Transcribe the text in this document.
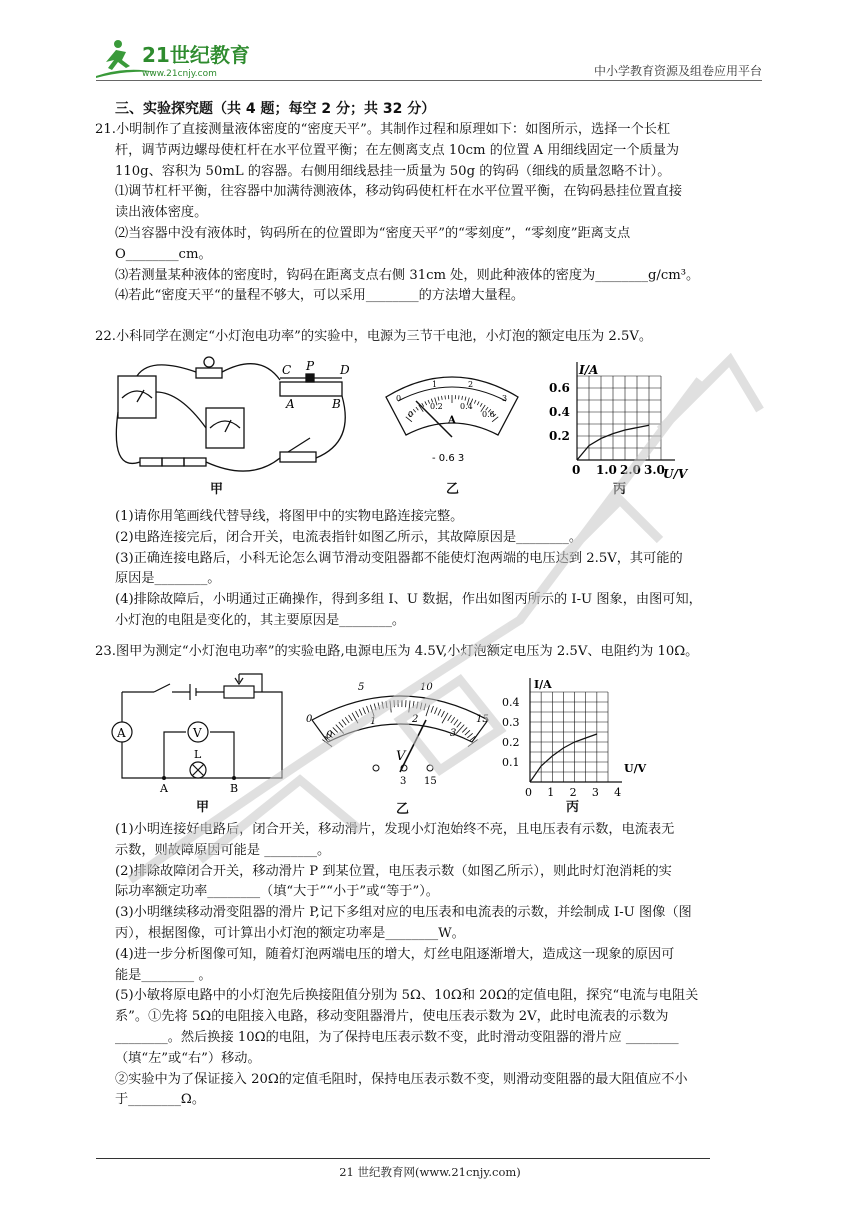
21世纪教育
www.21cnjy.com	中小学教育资源及组卷应用平台
三、实验探究题（共 4 题；每空 2 分；共 32 分）

21.小明制作了直接测量液体密度的“密度天平”。其制作过程和原理如下：如图所示，选择一个长杠

杆，调节两边螺母使杠杆在水平位置平衡；在左侧离支点 10cm 的位置 A 用细线固定一个质量为

110g、容积为 50mL 的容器。右侧用细线悬挂一质量为 50g 的钩码（细线的质量忽略不计）。

⑴调节杠杆平衡，往容器中加满待测液体，移动钩码使杠杆在水平位置平衡，在钩码悬挂位置直接

读出液体密度。

⑵当容器中没有液体时，钩码所在的位置即为“密度天平”的“零刻度”，“零刻度”距离支点

O________cm。

⑶若测量某种液体的密度时，钩码在距离支点右侧 31cm 处，则此种液体的密度为________g/cm³。

⑷若此“密度天平“的量程不够大，可以采用________的方法增大量程。

22.小科同学在测定“小灯泡电功率”的实验中，电源为三节干电池，小灯泡的额定电压为 2.5V。
C P D
A	B
甲
0
1	2
3
0
0.2 0.4
0.6
A
- 0.6 3
乙
I/A
U/V
0.2
0.4
0.6
0 1.0 2.0 3.0
丙

(1)请你用笔画线代替导线，将图甲中的实物电路连接完整。

(2)电路连接完后，闭合开关，电流表指针如图乙所示，其故障原因是________。

(3)正确连接电路后，小科无论怎么调节滑动变阻器都不能使灯泡两端的电压达到 2.5V，其可能的

原因是________。

(4)排除故障后，小明通过正确操作，得到多组 I、U 数据，作出如图丙所示的 I-U 图象，由图可知，

小灯泡的电阻是变化的，其主要原因是________。

23.图甲为测定“小灯泡电功率”的实验电路,电源电压为 4.5V,小灯泡额定电压为 2.5V、电阻约为 10Ω。
A	V
L
A	B
甲
0
5	10
15
0
1	2
3
V
3 15
乙
I/A
U/V
0.1
0.2
0.3
0.4
0 1 2 3 4
丙

(1)小明连接好电路后，闭合开关，移动滑片，发现小灯泡始终不亮，且电压表有示数，电流表无

示数，则故障原因可能是 ________。

(2)排除故障闭合开关，移动滑片 P 到某位置，电压表示数（如图乙所示），则此时灯泡消耗的实

际功率额定功率________（填“大于”“小于”或“等于”）。

(3)小明继续移动滑变阻器的滑片 P,记下多组对应的电压表和电流表的示数，并绘制成 I-U 图像（图

丙），根据图像，可计算出小灯泡的额定功率是________W。

(4)进一步分析图像可知，随着灯泡两端电压的增大，灯丝电阻逐渐增大，造成这一现象的原因可

能是________ 。

(5)小敏将原电路中的小灯泡先后换接阻值分别为 5Ω、10Ω和 20Ω的定值电阻，探究“电流与电阻关

系”。①先将 5Ω的电阻接入电路，移动变阻器滑片，使电压表示数为 2V，此时电流表的示数为

________。然后换接 10Ω的电阻，为了保持电压表示数不变，此时滑动变阻器的滑片应 ________

（填“左”或“右”）移动。

②实验中为了保证接入 20Ω的定值毛阻时，保持电压表示数不变，则滑动变阻器的最大阻值应不小

于________Ω。

21 世纪教育网(www.21cnjy.com)
